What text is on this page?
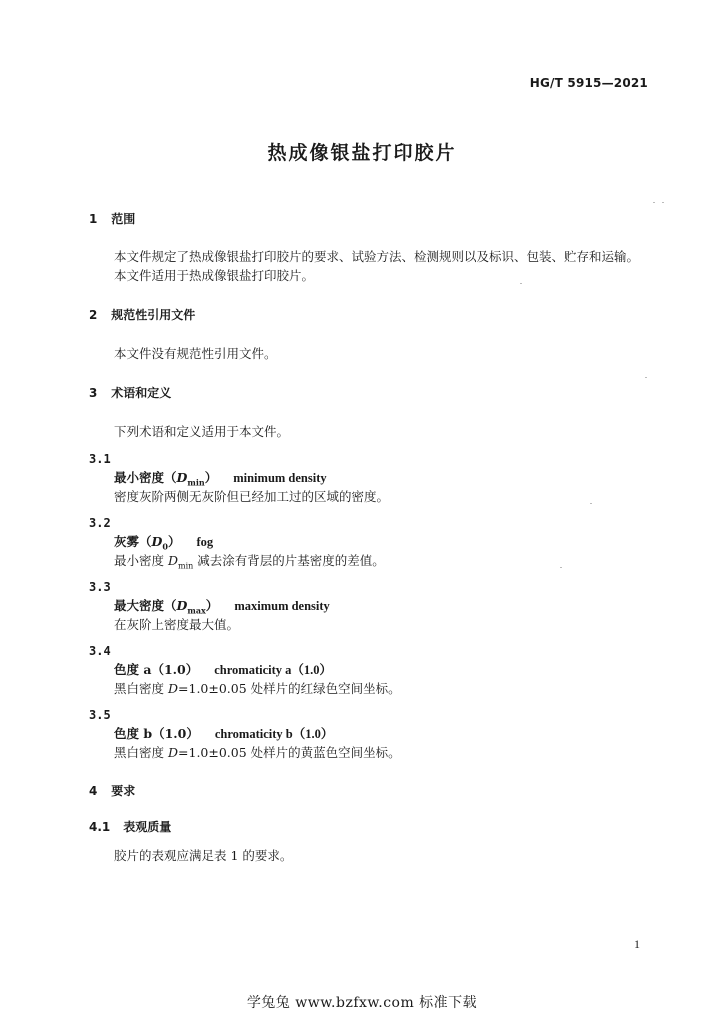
HG/T 5915—2021
热成像银盐打印胶片
1 范围
本文件规定了热成像银盐打印胶片的要求、试验方法、检测规则以及标识、包装、贮存和运输。
本文件适用于热成像银盐打印胶片。
2 规范性引用文件
本文件没有规范性引用文件。
3 术语和定义
下列术语和定义适用于本文件。
3.1
最小密度$(D_{min})$ minimum density
密度灰阶两侧无灰阶但已经加工过的区域的密度。
3.2
灰雾$(D_0)$ fog
最小密度 $D_{min}$ 减去涂有背层的片基密度的差值。
3.3
最大密度$(D_{max})$ maximum density
在灰阶上密度最大值。
3.4
色度 a（1.0） chromaticity a（1.0）
黑白密度 D=1.0±0.05 处样片的红绿色空间坐标。
3.5
色度 b（1.0） chromaticity b（1.0）
黑白密度 D=1.0±0.05 处样片的黄蓝色空间坐标。
4 要求
4.1 表观质量
胶片的表观应满足表 1 的要求。
1
学兔兔 www.bzfxw.com 标准下载
